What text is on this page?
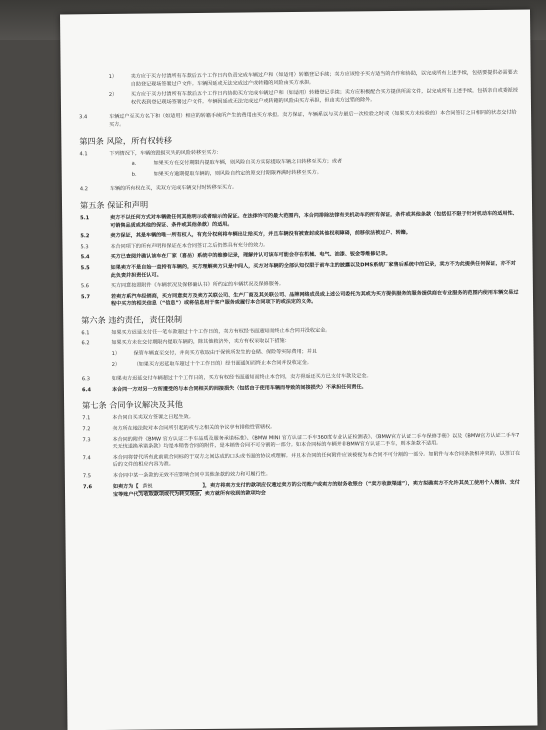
1）	卖方应于买方付清所有车款后五个工作日内负责完成车辆过户和（如适用）转籍登记手续；卖方应该给予买方适当的合作和协助，以完成所有上述手续，包括要提供必需要去自助登记现场签署过户文件。车辆因延或无法完成过户或转籍的风险由买方承担。

2）	买方应于买方付清所有车款后五个工作日内协助买方完成车辆过户和（如适用）转籍登记手续；卖方应积极配合买方提供所需文件，以完成所有上述手续，包括亲自或委派授权代表到登记现场签署过户文件。车辆因延或无法完成过户或转籍的风险由买方承担，但由卖方过错的除外。

3.4	车辆过户至买方名下和（如适用）相应的转籍手续所产生的费用由买方承担。卖方保证，车辆系以与买方最后一次检验之时或（如果买方未检验的）本合同签订之日相同的状态交付给买方。

第四条 风险，所有权转移
4.1	下列情况下，车辆的毁损灭失的风险转移至买方：

a.	如果买方在交付期限内提取车辆，则风险自买方实际提取车辆之日转移至买方；或者

b.	如果买方逾期提取车辆的，则风险自约定的原交付期限界满时转移至买方。

4.2	车辆的所有权在买，卖双方完成车辆交付时转移至买方。

第五条 保证和声明
5.1	卖方不以任何方式对车辆做任何其他明示或者暗示的保证。在法律许可的最大范围内，本合同排除法律有关机动车的所有保证，条件或其他条款（包括但不限于针对机动车的适用性、可销售品质或其他的保证、条件或其他条款）的适用。

5.2	卖方保证，其是车辆的唯一所有权人，有充分权利将车辆出让给买方，并且车辆没有被查封或其他权利障碍，前移依法被过户、转籍。

5.3	本合同项下的所有声明和保证在本合同签订之后仍然具有充分的效力。

5.4	买方已查阅并确认该车在厂家（喜岳）系统中的维修记录，理解并认可该车可能会存在机械、电气、油漆、钣金等维修记录。

5.5	如果卖方不是自始一直持有车辆的，买方理解卖方只是中间人，买方对车辆的全部认知仅限于前车主的披露以及DMS系统厂家售后系统中的记录，卖方不为此提供任何保证，亦不对此负责并担责任认可。

5.6	买方同意按照附件《车辆状况及保修确认书》所约定的车辆状况及保修服务。

5.7	若卖方系汽车经销商，买方同意卖方及卖方关联公司、生产厂商及其关联公司、品牌网络成员或上述公司委托为其或为买方提供服务的服务提供商在专业服务的范围内使用车辆交易过程中买方的相关信息（“信息”）或将信息用于客户服务或履行本合同项下的或法定的义务。

第六条 违约责任，责任限制
6.1	如果买方迟延支付任一笔车款超过十个工作日的，卖方有权经书面通知而终止本合同并没收定金。

6.2	如果买方未在交付期限内提取车辆的，除其他救济外，卖方有权采取以下措施：

1）	保管车辆直至交付，并向买方收取由于保管所发生的仓储、保险等实际费用；并且

2）	（如果买方迟延取车超过十个工作日的）经书面通知而终止本合同并没收定金。

6.3	如果卖方迟延交付车辆超过十个工作日的，买方有权经书面通知而终止本合同，卖方得返还买方已支付车款及定金。

6.4	本合同一方对另一方所遭受的与本合同相关的间接损失（包括由于使用车辆而导致的间接损失）不承担任何责任。

第七条 合同争议解决及其他
7.1	本合同自买卖双方签署之日起生效。

7.2	卖方所在地法院对本合同所引起的或与之相关的争议享有排他性管辖权。

7.3	本合同的附件《BMW 官方认证二手车品质及服务承诺标准》、《BMW MINI 官方认证二手车360度专业认证检测表》、《BMW官方认证二手车保修手册》以及《BMW官方认证二手车7天无忧退换承诺条款》均是本销售合同的附件，是本销售合同不可分割的一部分。如本合同标的车辆并非BMW官方认证二手车，则本条款不适用。

7.4	本合同将替代所有此前就合同标的于双方之间达成的口头或书面的协议或理解。并且本合同的任何附件应该被视为本合同不可分割的一部分。如附件与本合同条款相冲突的，以签订在后的文件的相应内容为准。

7.5	本合同中某一条款的无效不应影响合同中其他条款的效力和可履行性。

7.6	如卖方为【 黄锐	】，卖方将卖方支付的款项应仅通过卖方的公司账户或卖方的财务收银台（“卖方收款渠道”），卖方拟确卖方不允许其员工使用个人微信、支付宝等账户代为收取款项或代为转交现金，卖方就所有收到的款项均会
